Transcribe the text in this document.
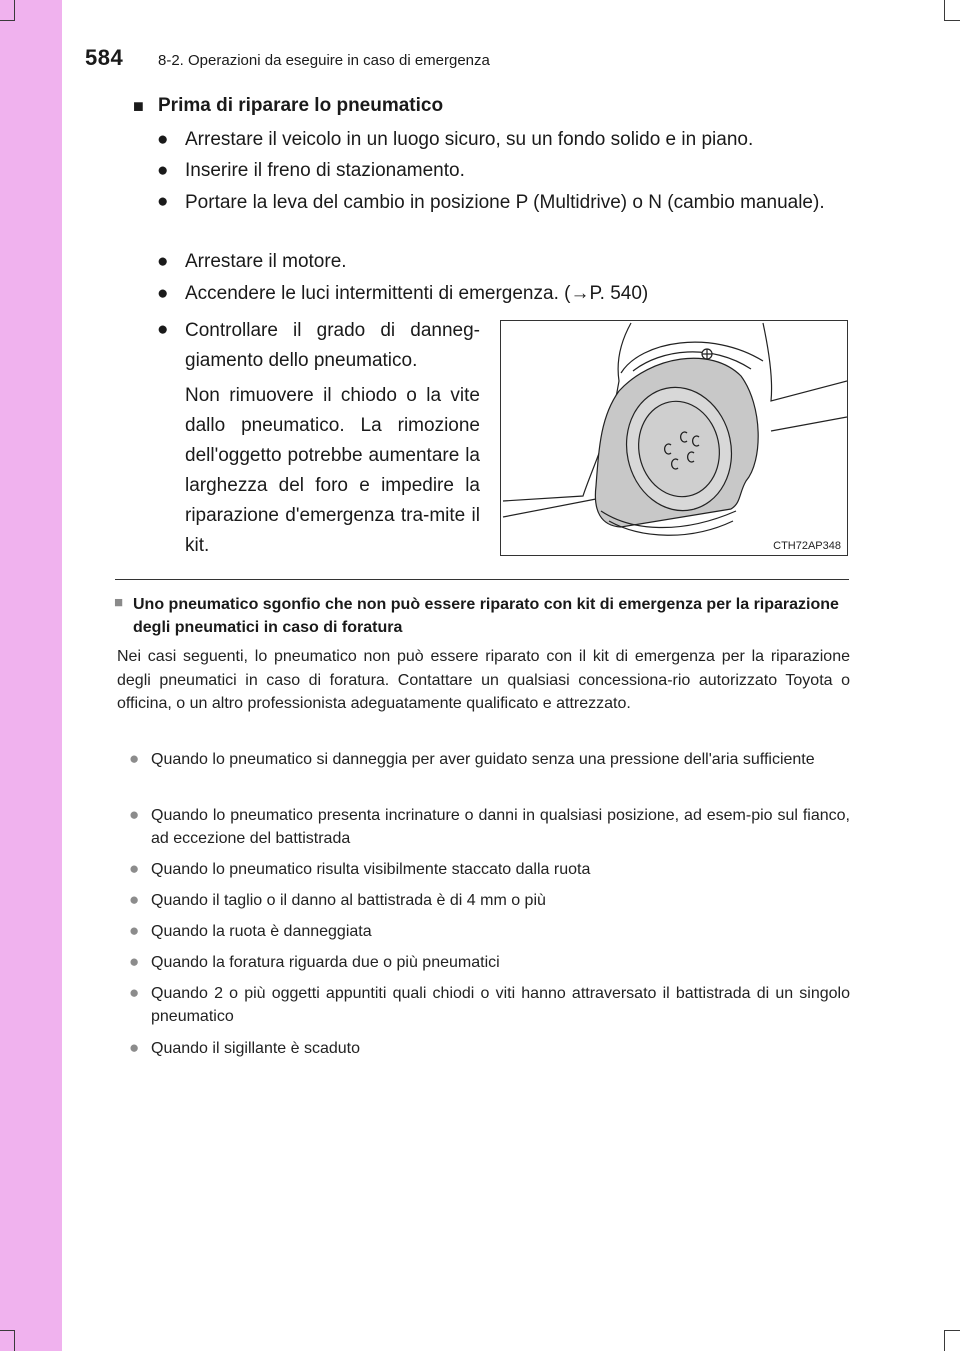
584 8-2. Operazioni da eseguire in caso di emergenza
■ Prima di riparare lo pneumatico
● Arrestare il veicolo in un luogo sicuro, su un fondo solido e in piano.

● Inserire il freno di stazionamento.

● Portare la leva del cambio in posizione P (Multidrive) o N (cambio manuale).

● Arrestare il motore.

● Accendere le luci intermittenti di emergenza. (→P. 540)

● Controllare il grado di danneg-giamento dello pneumatico.

Non rimuovere il chiodo o la vite dallo pneumatico. La rimozione dell'oggetto potrebbe aumentare la larghezza del foro e impedire la riparazione d'emergenza tra-mite il kit.	CTH72AP348
■ Uno pneumatico sgonfio che non può essere riparato con kit di emergenza per la riparazione degli pneumatici in caso di foratura
Nei casi seguenti, lo pneumatico non può essere riparato con il kit di emergenza per la riparazione degli pneumatici in caso di foratura. Contattare un qualsiasi concessiona-rio autorizzato Toyota o officina, o un altro professionista adeguatamente qualificato e attrezzato.
● Quando lo pneumatico si danneggia per aver guidato senza una pressione dell'aria sufficiente
● Quando lo pneumatico presenta incrinature o danni in qualsiasi posizione, ad esem-pio sul fianco, ad eccezione del battistrada
● Quando lo pneumatico risulta visibilmente staccato dalla ruota
● Quando il taglio o il danno al battistrada è di 4 mm o più
● Quando la ruota è danneggiata
● Quando la foratura riguarda due o più pneumatici
● Quando 2 o più oggetti appuntiti quali chiodi o viti hanno attraversato il battistrada di un singolo pneumatico
● Quando il sigillante è scaduto
